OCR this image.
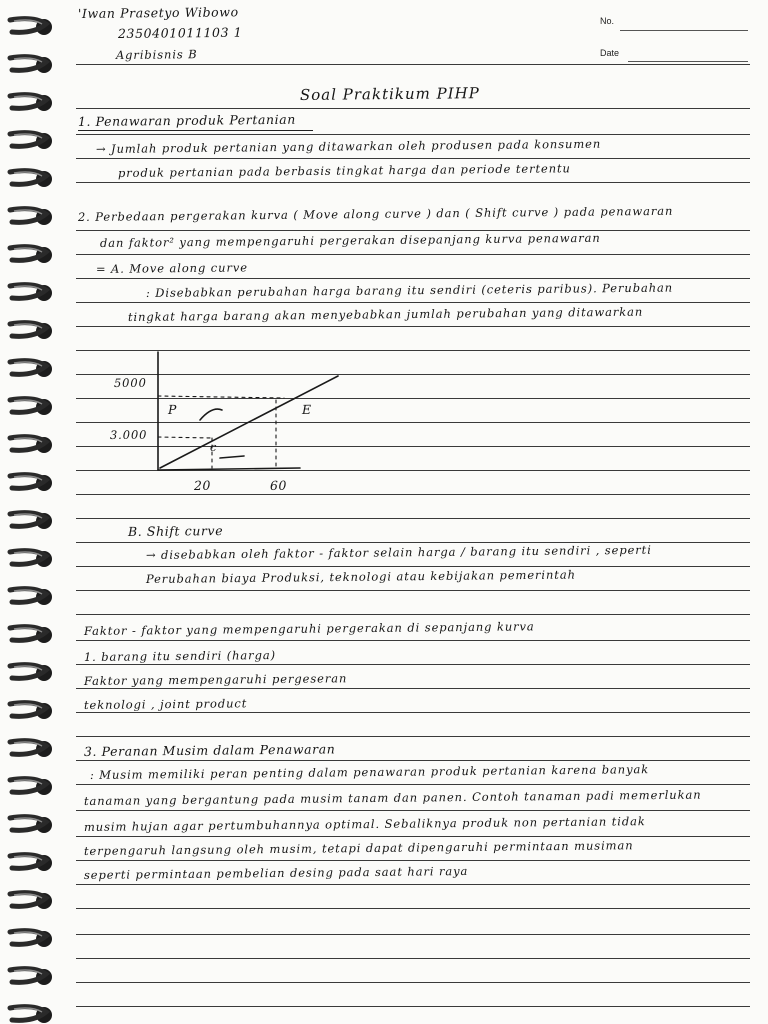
No.
Date
'Iwan Prasetyo Wibowo
2350401011103 1
Agribisnis B
Soal Praktikum PIHP
1. Penawaran produk Pertanian
→ Jumlah produk pertanian yang ditawarkan oleh produsen pada konsumen
produk pertanian pada berbasis tingkat harga dan periode tertentu
2. Perbedaan pergerakan kurva ( Move along curve ) dan ( Shift curve ) pada penawaran
dan faktor² yang mempengaruhi pergerakan disepanjang kurva penawaran
= A. Move along curve
: Disebabkan perubahan harga barang itu sendiri (ceteris paribus). Perubahan
tingkat harga barang akan menyebabkan jumlah perubahan yang ditawarkan
5000
3.000
20	60
P	E
c
B. Shift curve
→ disebabkan oleh faktor - faktor selain harga / barang itu sendiri , seperti
Perubahan biaya Produksi, teknologi atau kebijakan pemerintah
Faktor - faktor yang mempengaruhi pergerakan di sepanjang kurva
1. barang itu sendiri (harga)
Faktor yang mempengaruhi pergeseran
teknologi , joint product
3. Peranan Musim dalam Penawaran
: Musim memiliki peran penting dalam penawaran produk pertanian karena banyak
tanaman yang bergantung pada musim tanam dan panen. Contoh tanaman padi memerlukan
musim hujan agar pertumbuhannya optimal. Sebaliknya produk non pertanian tidak
terpengaruh langsung oleh musim, tetapi dapat dipengaruhi permintaan musiman
seperti permintaan pembelian desing pada saat hari raya
